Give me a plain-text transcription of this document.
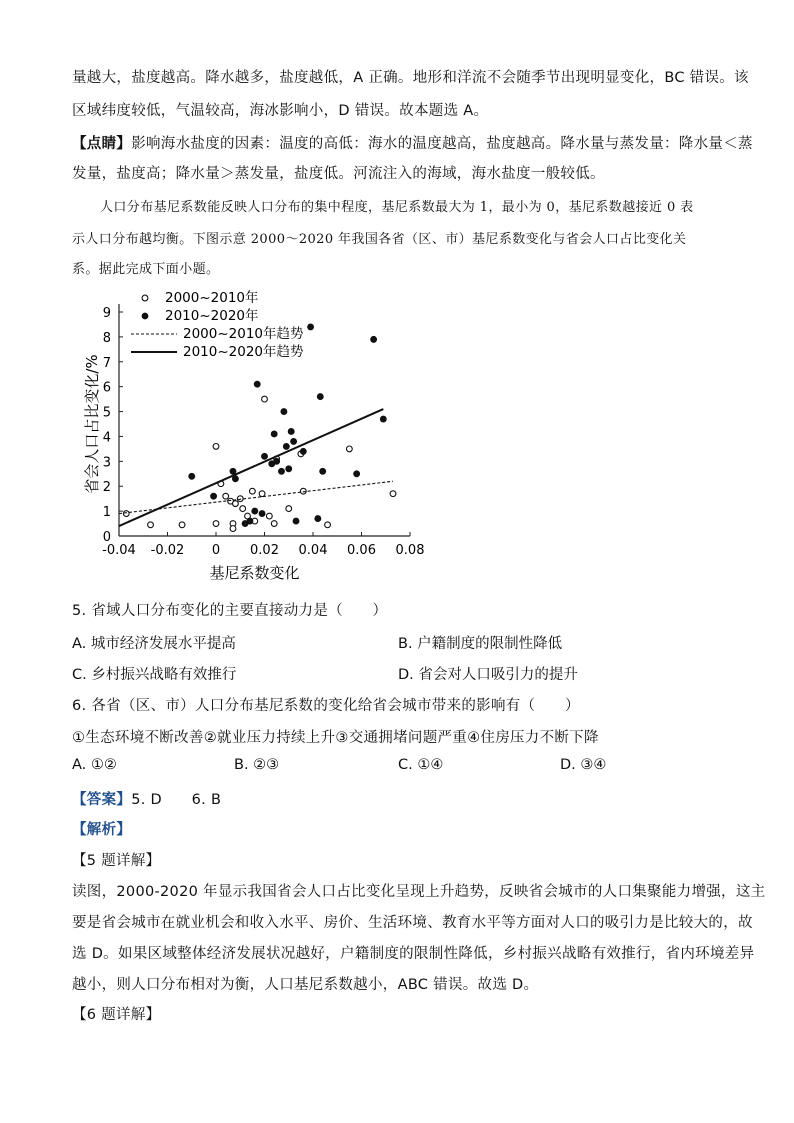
量越大，盐度越高。降水越多，盐度越低，A 正确。地形和洋流不会随季节出现明显变化，BC 错误。该
区域纬度较低，气温较高，海冰影响小，D 错误。故本题选 A。
【点睛】影响海水盐度的因素：温度的高低：海水的温度越高，盐度越高。降水量与蒸发量：降水量＜蒸
发量，盐度高；降水量＞蒸发量，盐度低。河流注入的海域，海水盐度一般较低。
人口分布基尼系数能反映人口分布的集中程度，基尼系数最大为 1，最小为 0，基尼系数越接近 0 表
示人口分布越均衡。下图示意 2000～2020 年我国各省（区、市）基尼系数变化与省会人口占比变化关
系。据此完成下面小题。
-0.04 -0.02 0 0.02 0.04 0.06 0.08
0
1
2
3
4
5
6
7
8
9
2000~2010年
2010~2020年
2000~2010年趋势
2010~2020年趋势
基尼系数变化
省会人口占比变化/%
5. 省域人口分布变化的主要直接动力是（　　）
A. 城市经济发展水平提高	B. 户籍制度的限制性降低
C. 乡村振兴战略有效推行	D. 省会对人口吸引力的提升
6. 各省（区、市）人口分布基尼系数的变化给省会城市带来的影响有（　　）
①生态环境不断改善②就业压力持续上升③交通拥堵问题严重④住房压力不断下降
A. ①②	B. ②③	C. ①④	D. ③④
【答案】5. D　　6. B
【解析】
【5 题详解】
读图，2000-2020 年显示我国省会人口占比变化呈现上升趋势，反映省会城市的人口集聚能力增强，这主
要是省会城市在就业机会和收入水平、房价、生活环境、教育水平等方面对人口的吸引力是比较大的，故
选 D。如果区域整体经济发展状况越好，户籍制度的限制性降低，乡村振兴战略有效推行，省内环境差异
越小，则人口分布相对为衡，人口基尼系数越小，ABC 错误。故选 D。
【6 题详解】
